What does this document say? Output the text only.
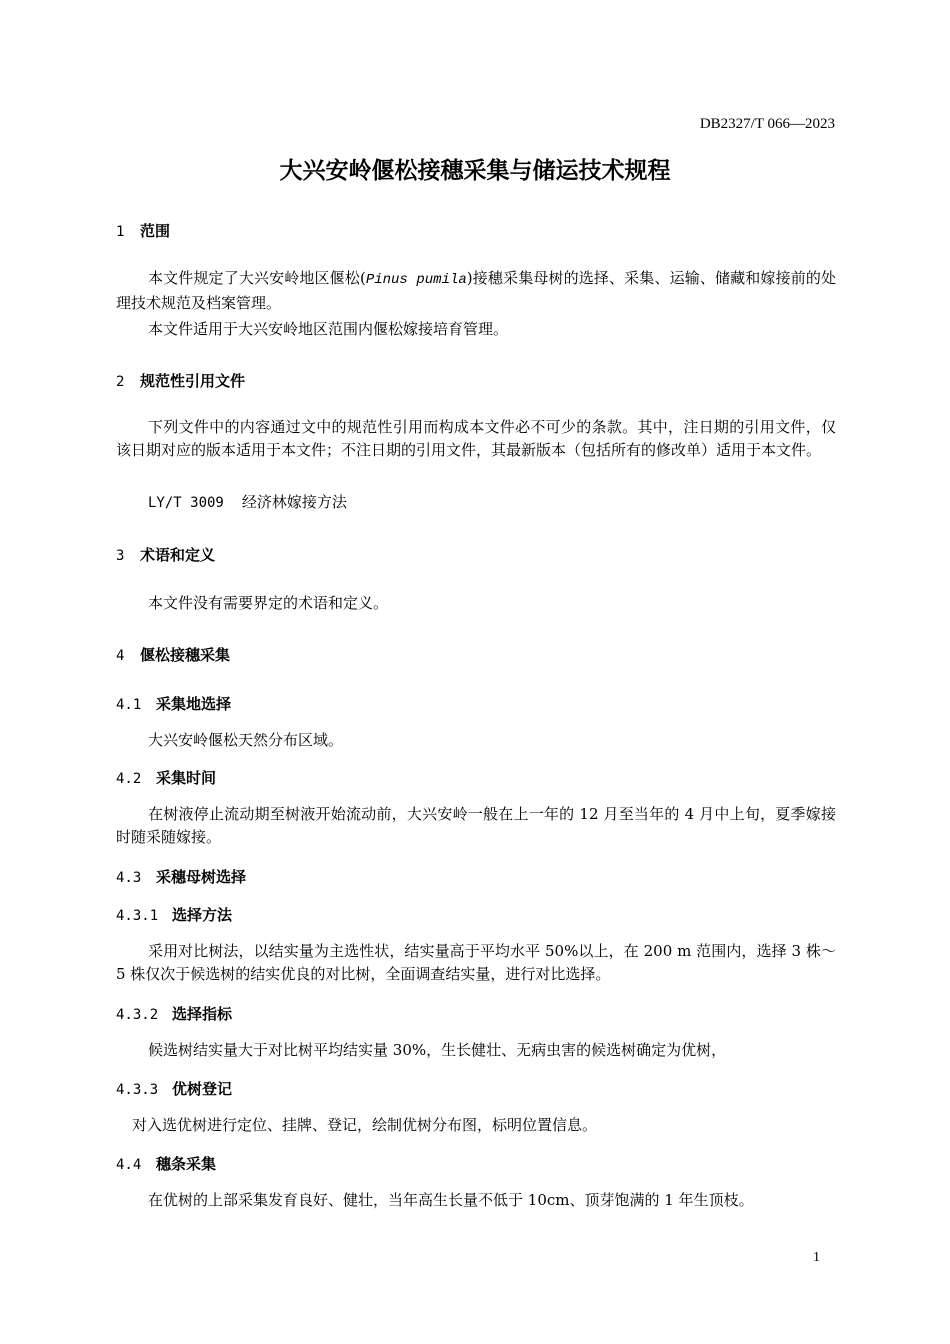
DB2327/T 066—2023
大兴安岭偃松接穗采集与储运技术规程
1 范围
本文件规定了大兴安岭地区偃松(Pinus pumila)接穗采集母树的选择、采集、运输、储藏和嫁接前的处理技术规范及档案管理。
本文件适用于大兴安岭地区范围内偃松嫁接培育管理。
2 规范性引用文件
下列文件中的内容通过文中的规范性引用而构成本文件必不可少的条款。其中，注日期的引用文件，仅该日期对应的版本适用于本文件；不注日期的引用文件，其最新版本（包括所有的修改单）适用于本文件。
LY/T 3009 经济林嫁接方法
3 术语和定义
本文件没有需要界定的术语和定义。
4 偃松接穗采集
4.1 采集地选择
大兴安岭偃松天然分布区域。
4.2 采集时间
在树液停止流动期至树液开始流动前，大兴安岭一般在上一年的 12 月至当年的 4 月中上旬，夏季嫁接时随采随嫁接。
4.3 采穗母树选择
4.3.1 选择方法
采用对比树法，以结实量为主选性状，结实量高于平均水平 50%以上，在 200 m 范围内，选择 3 株～5 株仅次于候选树的结实优良的对比树，全面调查结实量，进行对比选择。
4.3.2 选择指标
候选树结实量大于对比树平均结实量 30%，生长健壮、无病虫害的候选树确定为优树，
4.3.3 优树登记
对入选优树进行定位、挂牌、登记，绘制优树分布图，标明位置信息。
4.4 穗条采集
在优树的上部采集发育良好、健壮，当年高生长量不低于 10cm、顶芽饱满的 1 年生顶枝。
1
